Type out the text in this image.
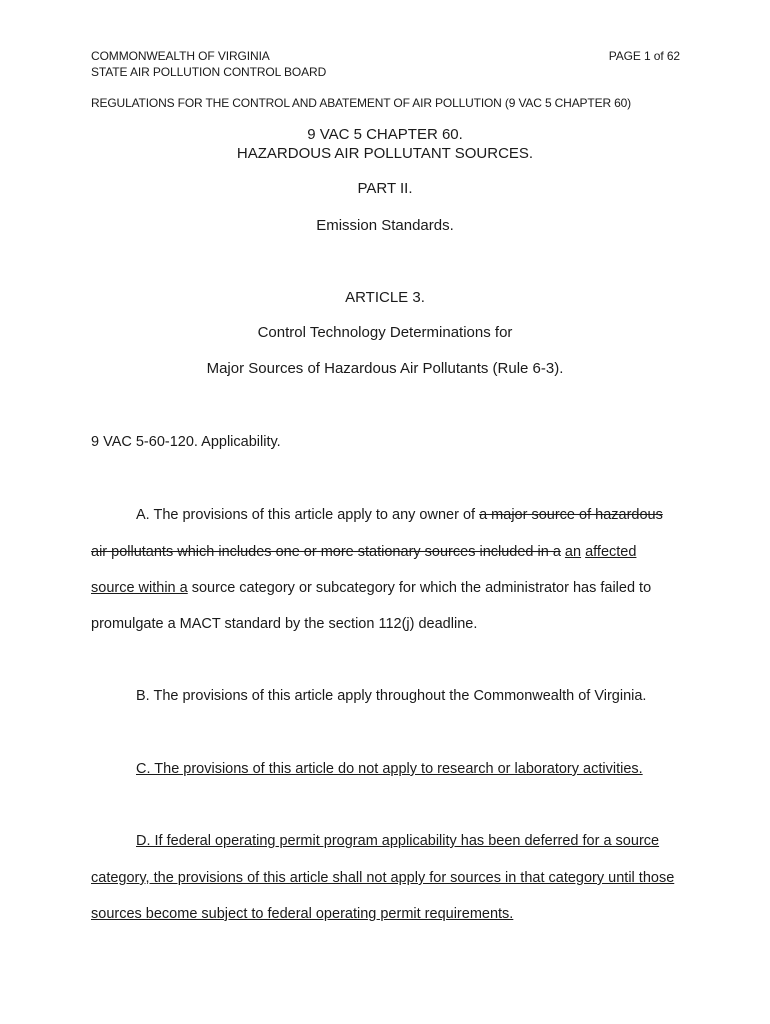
COMMONWEALTH OF VIRGINIA	PAGE 1 of 62
STATE AIR POLLUTION CONTROL BOARD
REGULATIONS FOR THE CONTROL AND ABATEMENT OF AIR POLLUTION (9 VAC 5 CHAPTER 60)
9 VAC 5 CHAPTER 60.
HAZARDOUS AIR POLLUTANT SOURCES.
PART II.
Emission Standards.
ARTICLE 3.
Control Technology Determinations for
Major Sources of Hazardous Air Pollutants (Rule 6-3).
9 VAC 5-60-120. Applicability.
A. The provisions of this article apply to any owner of a major source of hazardous
air pollutants which includes one or more stationary sources included in a an affected
source within a source category or subcategory for which the administrator has failed to
promulgate a MACT standard by the section 112(j) deadline.
B. The provisions of this article apply throughout the Commonwealth of Virginia.
C. The provisions of this article do not apply to research or laboratory activities.
D. If federal operating permit program applicability has been deferred for a source
category, the provisions of this article shall not apply for sources in that category until those
sources become subject to federal operating permit requirements.
